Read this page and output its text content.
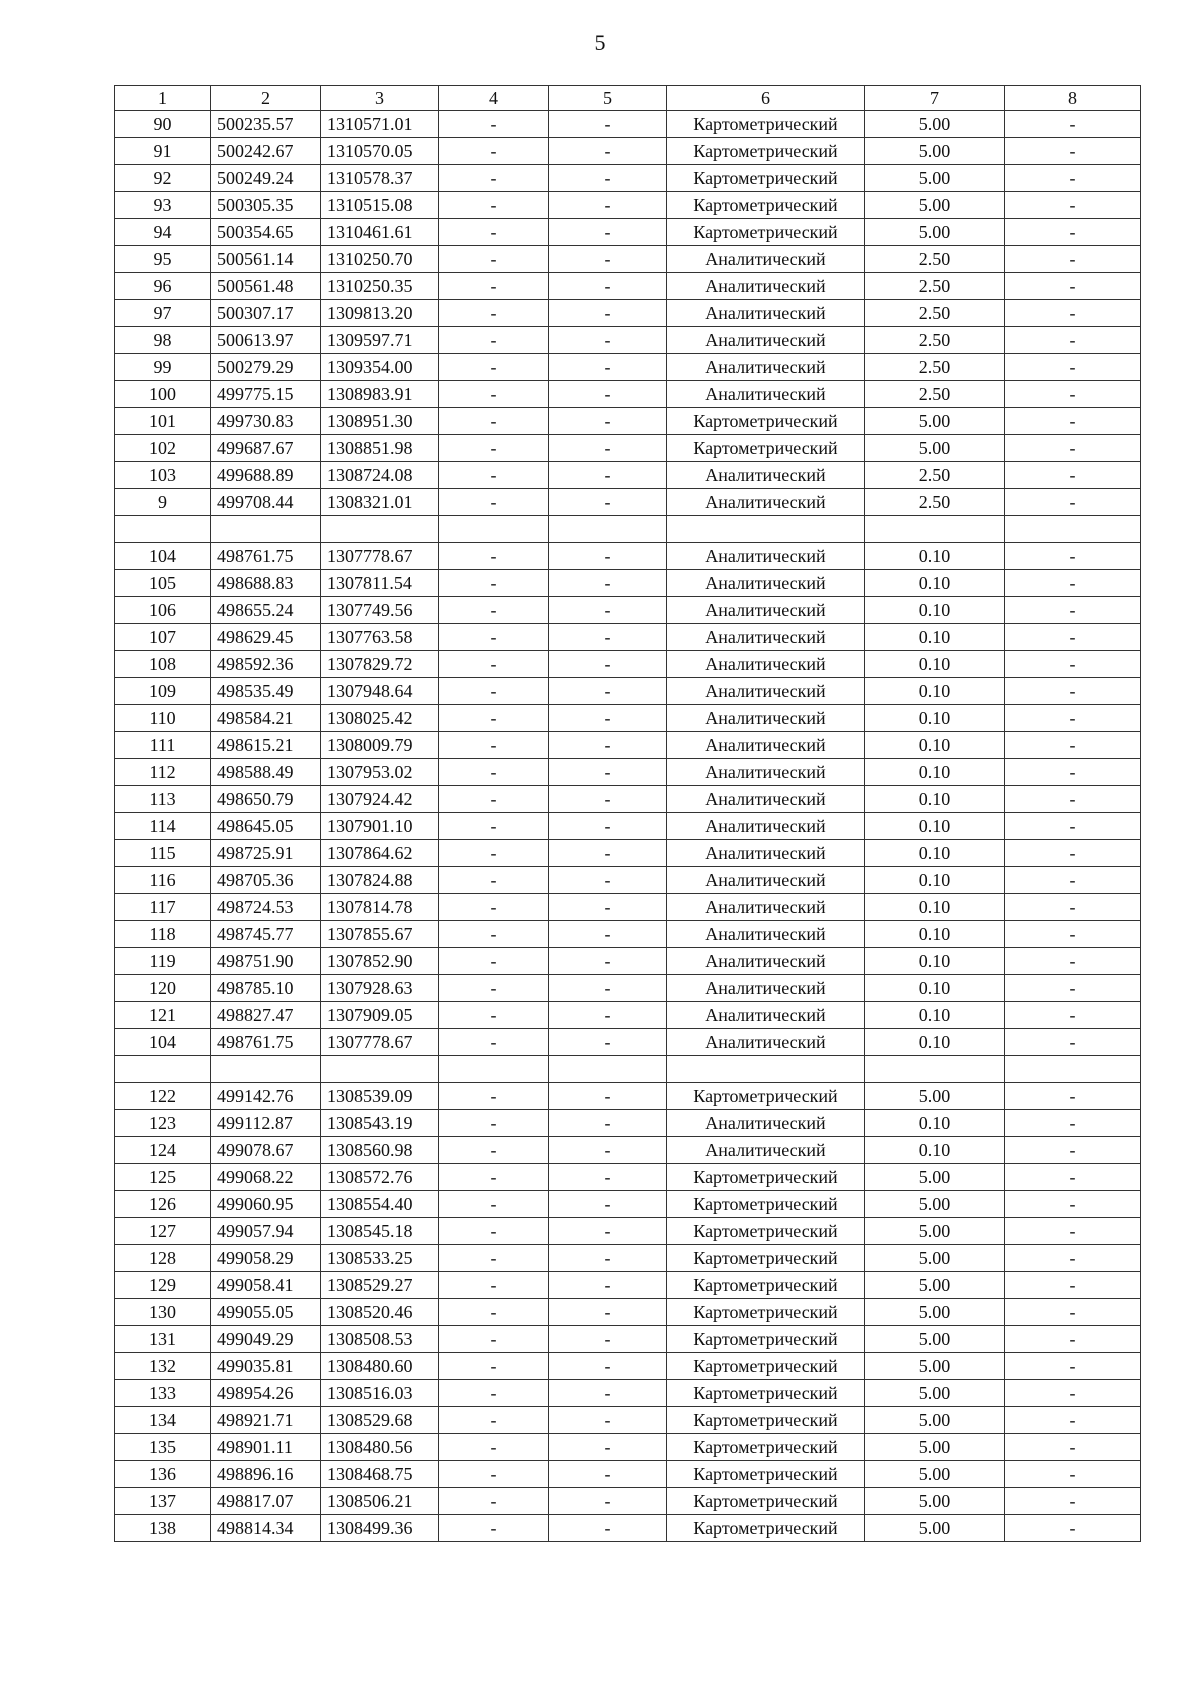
5
1	2	3	4	5	6	7	8
90	500235.57	1310571.01	-	-	Картометрический	5.00	-
91	500242.67	1310570.05	-	-	Картометрический	5.00	-
92	500249.24	1310578.37	-	-	Картометрический	5.00	-
93	500305.35	1310515.08	-	-	Картометрический	5.00	-
94	500354.65	1310461.61	-	-	Картометрический	5.00	-
95	500561.14	1310250.70	-	-	Аналитический	2.50	-
96	500561.48	1310250.35	-	-	Аналитический	2.50	-
97	500307.17	1309813.20	-	-	Аналитический	2.50	-
98	500613.97	1309597.71	-	-	Аналитический	2.50	-
99	500279.29	1309354.00	-	-	Аналитический	2.50	-
100	499775.15	1308983.91	-	-	Аналитический	2.50	-
101	499730.83	1308951.30	-	-	Картометрический	5.00	-
102	499687.67	1308851.98	-	-	Картометрический	5.00	-
103	499688.89	1308724.08	-	-	Аналитический	2.50	-
9	499708.44	1308321.01	-	-	Аналитический	2.50	-

104	498761.75	1307778.67	-	-	Аналитический	0.10	-
105	498688.83	1307811.54	-	-	Аналитический	0.10	-
106	498655.24	1307749.56	-	-	Аналитический	0.10	-
107	498629.45	1307763.58	-	-	Аналитический	0.10	-
108	498592.36	1307829.72	-	-	Аналитический	0.10	-
109	498535.49	1307948.64	-	-	Аналитический	0.10	-
110	498584.21	1308025.42	-	-	Аналитический	0.10	-
111	498615.21	1308009.79	-	-	Аналитический	0.10	-
112	498588.49	1307953.02	-	-	Аналитический	0.10	-
113	498650.79	1307924.42	-	-	Аналитический	0.10	-
114	498645.05	1307901.10	-	-	Аналитический	0.10	-
115	498725.91	1307864.62	-	-	Аналитический	0.10	-
116	498705.36	1307824.88	-	-	Аналитический	0.10	-
117	498724.53	1307814.78	-	-	Аналитический	0.10	-
118	498745.77	1307855.67	-	-	Аналитический	0.10	-
119	498751.90	1307852.90	-	-	Аналитический	0.10	-
120	498785.10	1307928.63	-	-	Аналитический	0.10	-
121	498827.47	1307909.05	-	-	Аналитический	0.10	-
104	498761.75	1307778.67	-	-	Аналитический	0.10	-

122	499142.76	1308539.09	-	-	Картометрический	5.00	-
123	499112.87	1308543.19	-	-	Аналитический	0.10	-
124	499078.67	1308560.98	-	-	Аналитический	0.10	-
125	499068.22	1308572.76	-	-	Картометрический	5.00	-
126	499060.95	1308554.40	-	-	Картометрический	5.00	-
127	499057.94	1308545.18	-	-	Картометрический	5.00	-
128	499058.29	1308533.25	-	-	Картометрический	5.00	-
129	499058.41	1308529.27	-	-	Картометрический	5.00	-
130	499055.05	1308520.46	-	-	Картометрический	5.00	-
131	499049.29	1308508.53	-	-	Картометрический	5.00	-
132	499035.81	1308480.60	-	-	Картометрический	5.00	-
133	498954.26	1308516.03	-	-	Картометрический	5.00	-
134	498921.71	1308529.68	-	-	Картометрический	5.00	-
135	498901.11	1308480.56	-	-	Картометрический	5.00	-
136	498896.16	1308468.75	-	-	Картометрический	5.00	-
137	498817.07	1308506.21	-	-	Картометрический	5.00	-
138	498814.34	1308499.36	-	-	Картометрический	5.00	-
